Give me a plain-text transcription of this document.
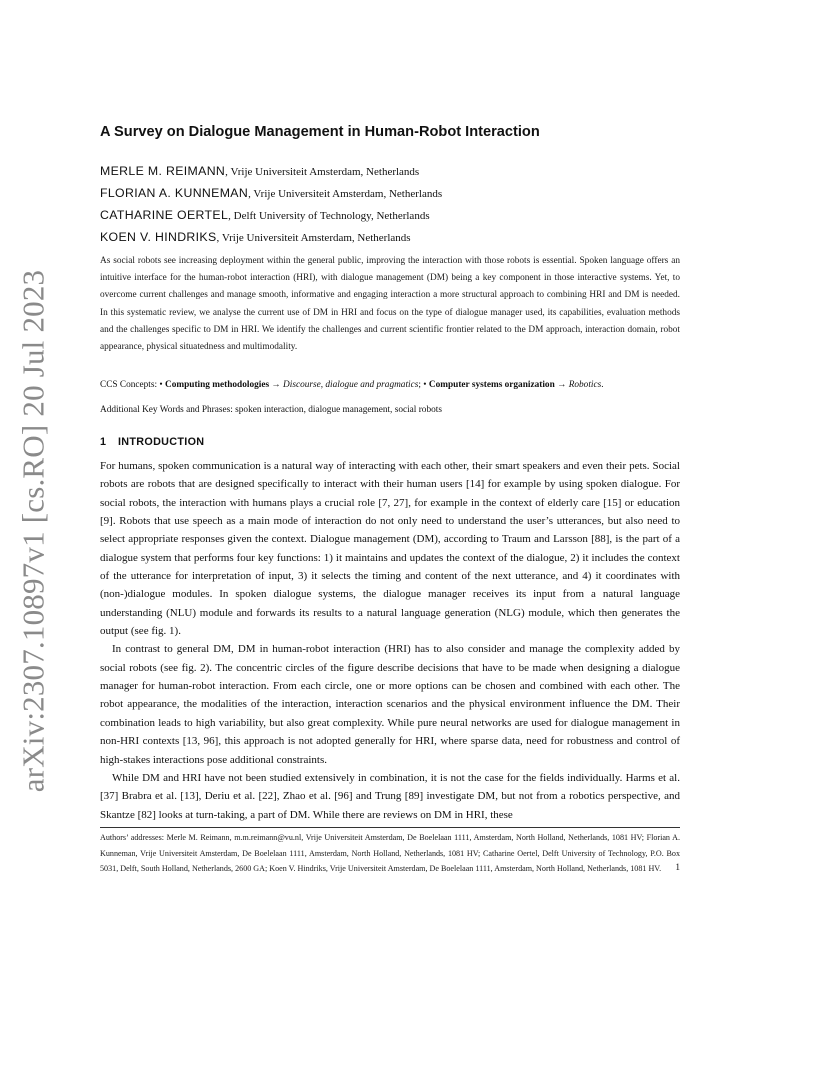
arXiv:2307.10897v1 [cs.RO] 20 Jul 2023
A Survey on Dialogue Management in Human-Robot Interaction
MERLE M. REIMANN, Vrije Universiteit Amsterdam, Netherlands
FLORIAN A. KUNNEMAN, Vrije Universiteit Amsterdam, Netherlands
CATHARINE OERTEL, Delft University of Technology, Netherlands
KOEN V. HINDRIKS, Vrije Universiteit Amsterdam, Netherlands
As social robots see increasing deployment within the general public, improving the interaction with those robots is essential. Spoken language offers an intuitive interface for the human-robot interaction (HRI), with dialogue management (DM) being a key component in those interactive systems. Yet, to overcome current challenges and manage smooth, informative and engaging interaction a more structural approach to combining HRI and DM is needed. In this systematic review, we analyse the current use of DM in HRI and focus on the type of dialogue manager used, its capabilities, evaluation methods and the challenges specific to DM in HRI. We identify the challenges and current scientific frontier related to the DM approach, interaction domain, robot appearance, physical situatedness and multimodality.
CCS Concepts: • Computing methodologies → Discourse, dialogue and pragmatics; • Computer systems organization → Robotics.
Additional Key Words and Phrases: spoken interaction, dialogue management, social robots
1 INTRODUCTION

For humans, spoken communication is a natural way of interacting with each other, their smart speakers and even their pets. Social robots are robots that are designed specifically to interact with their human users [14] for example by using spoken dialogue. For social robots, the interaction with humans plays a crucial role [7, 27], for example in the context of elderly care [15] or education [9]. Robots that use speech as a main mode of interaction do not only need to understand the user’s utterances, but also need to select appropriate responses given the context. Dialogue management (DM), according to Traum and Larsson [88], is the part of a dialogue system that performs four key functions: 1) it maintains and updates the context of the dialogue, 2) it includes the context of the utterance for interpretation of input, 3) it selects the timing and content of the next utterance, and 4) it coordinates with (non-)dialogue modules. In spoken dialogue systems, the dialogue manager receives its input from a natural language understanding (NLU) module and forwards its results to a natural language generation (NLG) module, which then generates the output (see fig. 1).

In contrast to general DM, DM in human-robot interaction (HRI) has to also consider and manage the complexity added by social robots (see fig. 2). The concentric circles of the figure describe decisions that have to be made when designing a dialogue manager for human-robot interaction. From each circle, one or more options can be chosen and combined with each other. The robot appearance, the modalities of the interaction, interaction scenarios and the physical environment influence the DM. Their combination leads to high variability, but also great complexity. While pure neural networks are used for dialogue management in non-HRI contexts [13, 96], this approach is not adopted generally for HRI, where sparse data, need for robustness and control of high-stakes interactions pose additional constraints.

While DM and HRI have not been studied extensively in combination, it is not the case for the fields individually. Harms et al. [37] Brabra et al. [13], Deriu et al. [22], Zhao et al. [96] and Trung [89] investigate DM, but not from a robotics perspective, and Skantze [82] looks at turn-taking, a part of DM. While there are reviews on DM in HRI, these

Authors’ addresses: Merle M. Reimann, m.m.reimann@vu.nl, Vrije Universiteit Amsterdam, De Boelelaan 1111, Amsterdam, North Holland, Netherlands, 1081 HV; Florian A. Kunneman, Vrije Universiteit Amsterdam, De Boelelaan 1111, Amsterdam, North Holland, Netherlands, 1081 HV; Catharine Oertel, Delft University of Technology, P.O. Box 5031, Delft, South Holland, Netherlands, 2600 GA; Koen V. Hindriks, Vrije Universiteit Amsterdam, De Boelelaan 1111, Amsterdam, North Holland, Netherlands, 1081 HV.	1
